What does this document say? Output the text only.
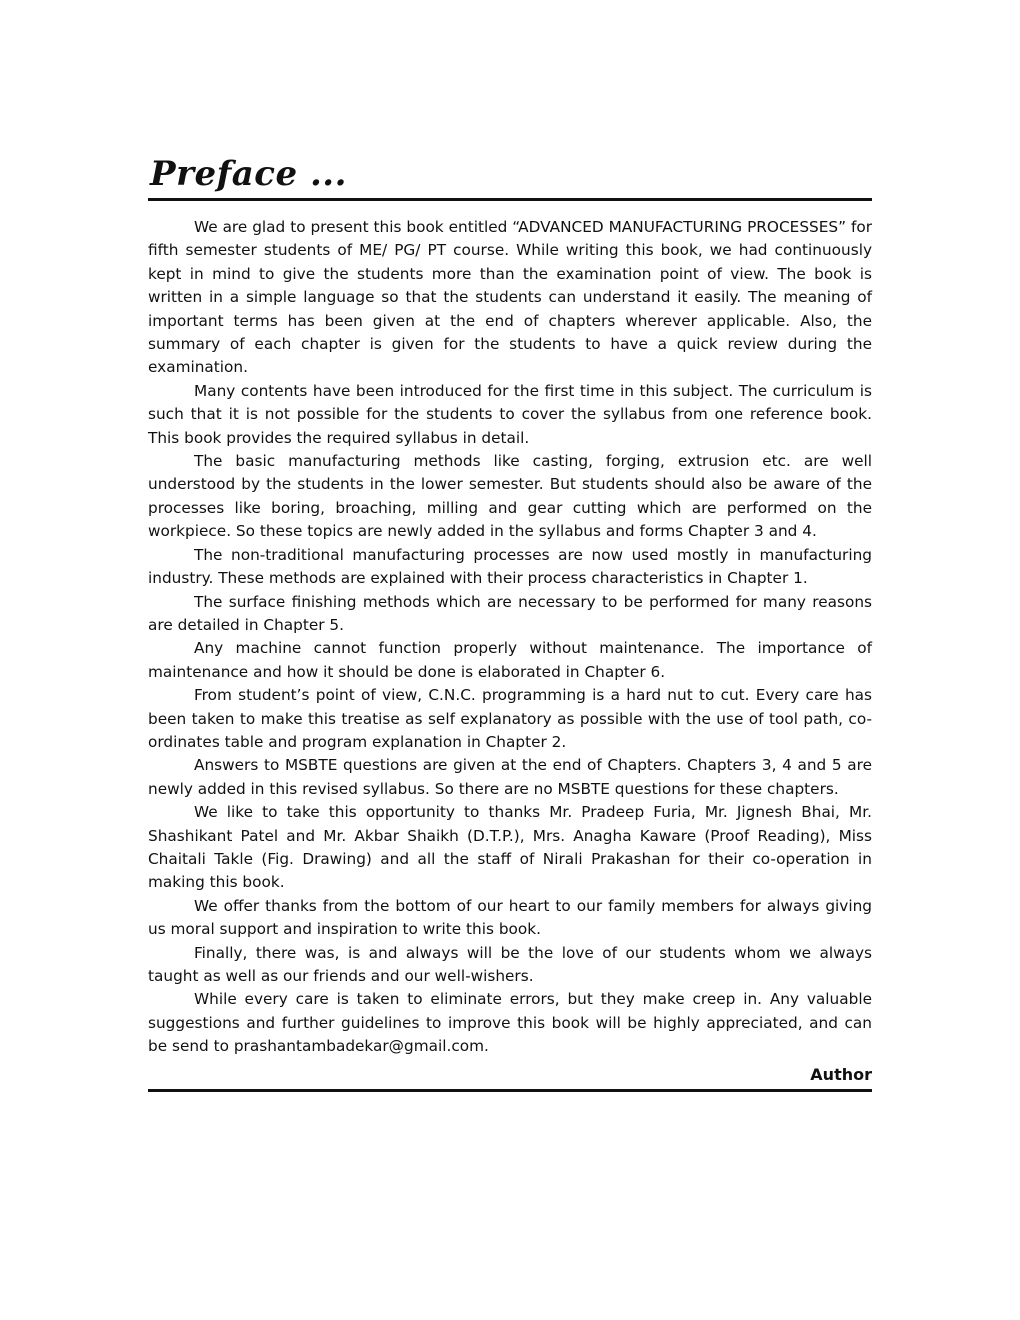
Preface ...

We are glad to present this book entitled “ADVANCED MANUFACTURING PROCESSES” for fifth semester students of ME/ PG/ PT course. While writing this book, we had continuously kept in mind to give the students more than the examination point of view. The book is written in a simple language so that the students can understand it easily. The meaning of important terms has been given at the end of chapters wherever applicable. Also, the summary of each chapter is given for the students to have a quick review during the examination.

Many contents have been introduced for the first time in this subject. The curriculum is such that it is not possible for the students to cover the syllabus from one reference book. This book provides the required syllabus in detail.

The basic manufacturing methods like casting, forging, extrusion etc. are well understood by the students in the lower semester. But students should also be aware of the processes like boring, broaching, milling and gear cutting which are performed on the workpiece. So these topics are newly added in the syllabus and forms Chapter 3 and 4.

The non-traditional manufacturing processes are now used mostly in manufacturing industry. These methods are explained with their process characteristics in Chapter 1.

The surface finishing methods which are necessary to be performed for many reasons are detailed in Chapter 5.

Any machine cannot function properly without maintenance. The importance of maintenance and how it should be done is elaborated in Chapter 6.

From student’s point of view, C.N.C. programming is a hard nut to cut. Every care has been taken to make this treatise as self explanatory as possible with the use of tool path, co-ordinates table and program explanation in Chapter 2.

Answers to MSBTE questions are given at the end of Chapters. Chapters 3, 4 and 5 are newly added in this revised syllabus. So there are no MSBTE questions for these chapters.

We like to take this opportunity to thanks Mr. Pradeep Furia, Mr. Jignesh Bhai, Mr. Shashikant Patel and Mr. Akbar Shaikh (D.T.P.), Mrs. Anagha Kaware (Proof Reading), Miss Chaitali Takle (Fig. Drawing) and all the staff of Nirali Prakashan for their co-operation in making this book.

We offer thanks from the bottom of our heart to our family members for always giving us moral support and inspiration to write this book.

Finally, there was, is and always will be the love of our students whom we always taught as well as our friends and our well-wishers.

While every care is taken to eliminate errors, but they make creep in. Any valuable suggestions and further guidelines to improve this book will be highly appreciated, and can be send to prashantambadekar@gmail.com.

Author
